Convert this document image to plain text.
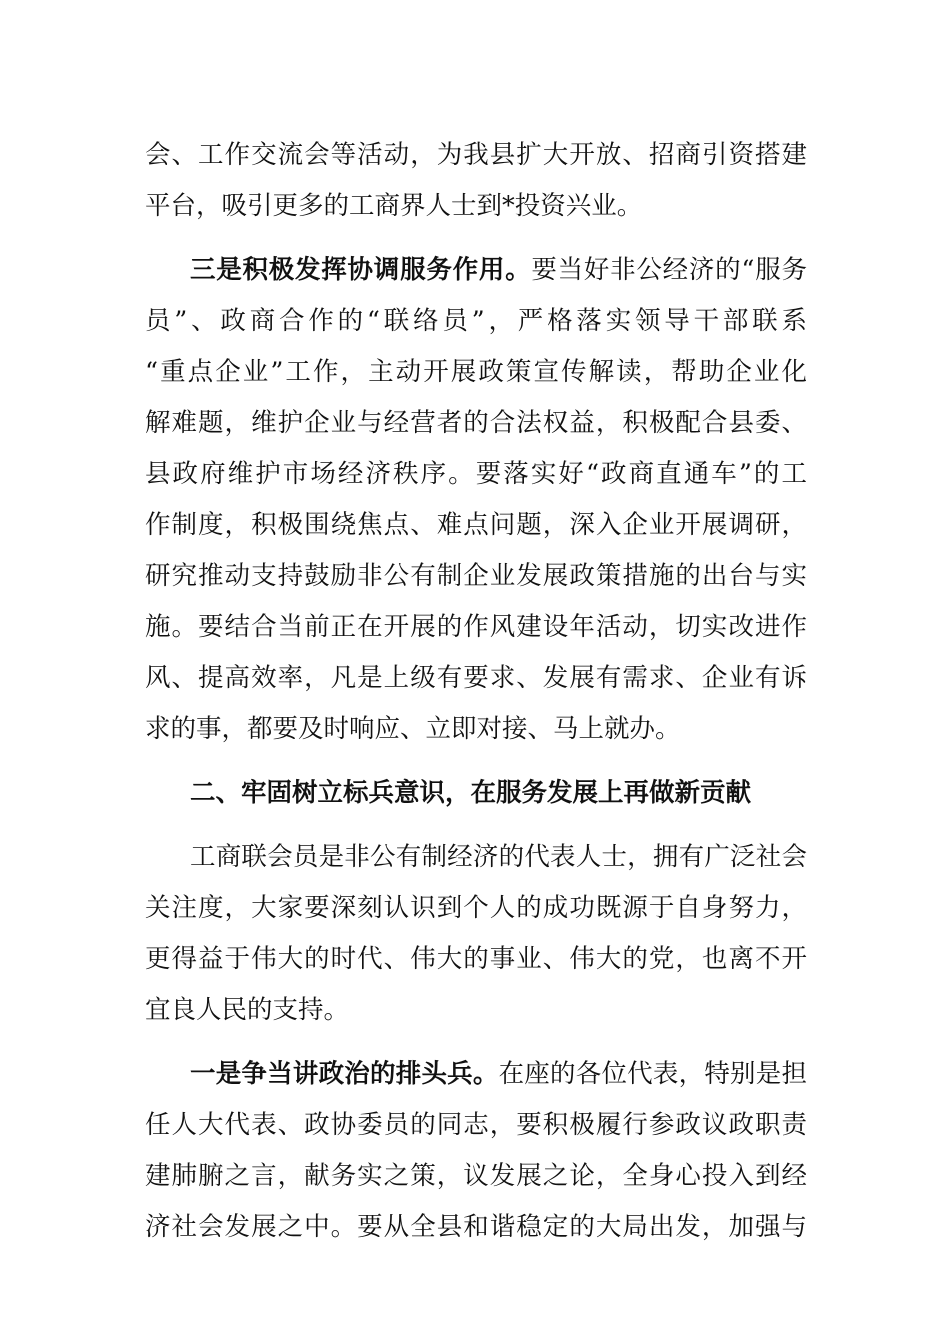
会、工作交流会等活动，为我县扩大开放、招商引资搭建
平台，吸引更多的工商界人士到*投资兴业。
三是积极发挥协调服务作用。要当好非公经济的“服务
员”、政商合作的“联络员”，严格落实领导干部联系
“重点企业”工作，主动开展政策宣传解读，帮助企业化
解难题，维护企业与经营者的合法权益，积极配合县委、
县政府维护市场经济秩序。要落实好“政商直通车”的工
作制度，积极围绕焦点、难点问题，深入企业开展调研，
研究推动支持鼓励非公有制企业发展政策措施的出台与实
施。要结合当前正在开展的作风建设年活动，切实改进作
风、提高效率，凡是上级有要求、发展有需求、企业有诉
求的事，都要及时响应、立即对接、马上就办。
二、牢固树立标兵意识，在服务发展上再做新贡献
工商联会员是非公有制经济的代表人士，拥有广泛社会
关注度，大家要深刻认识到个人的成功既源于自身努力，
更得益于伟大的时代、伟大的事业、伟大的党，也离不开
宜良人民的支持。
一是争当讲政治的排头兵。在座的各位代表，特别是担
任人大代表、政协委员的同志，要积极履行参政议政职责
建肺腑之言，献务实之策，议发展之论，全身心投入到经
济社会发展之中。要从全县和谐稳定的大局出发，加强与
